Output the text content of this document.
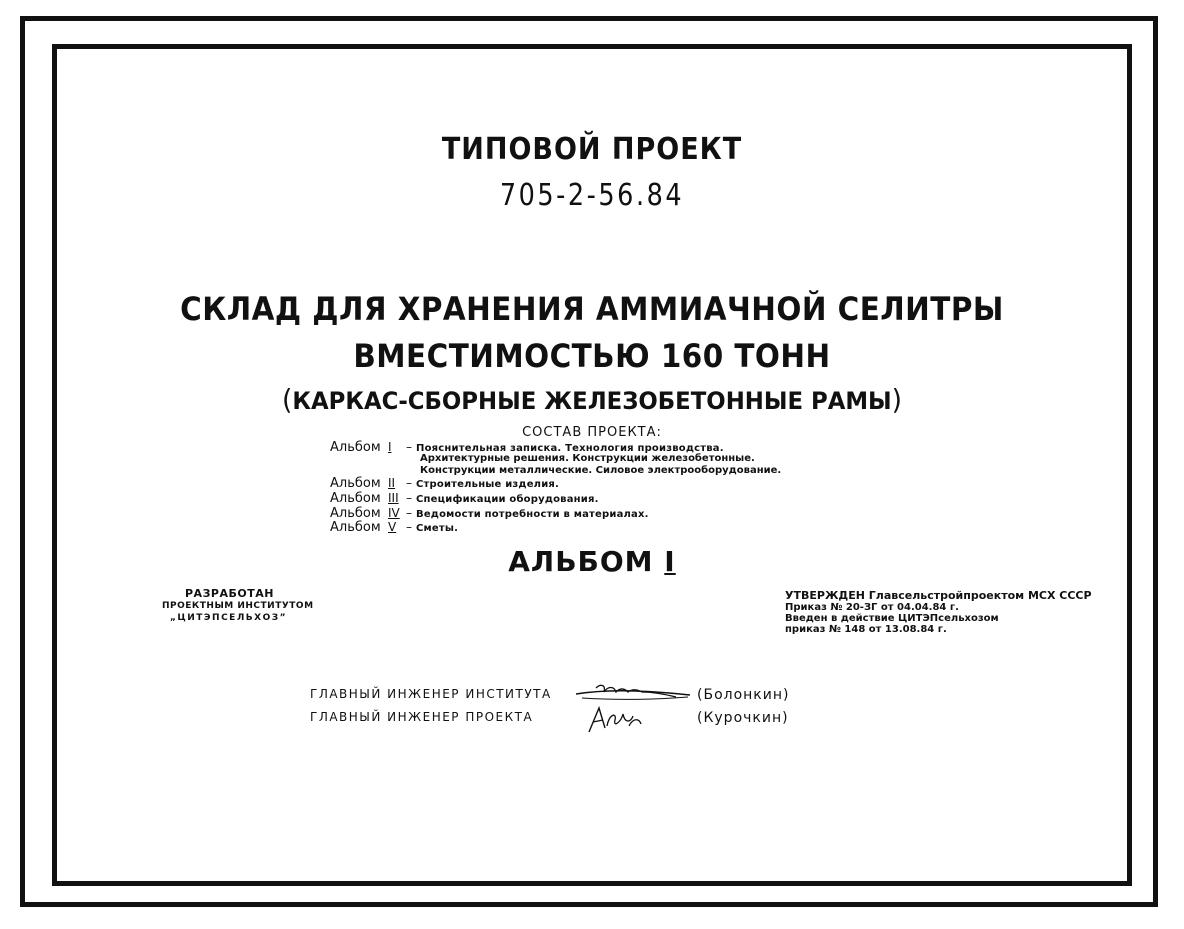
ТИПОВОЙ ПРОЕКТ
705-2-56.84
СКЛАД ДЛЯ ХРАНЕНИЯ АММИАЧНОЙ СЕЛИТРЫ
ВМЕСТИМОСТЬЮ 160 ТОНН
(КАРКАС-СБОРНЫЕ ЖЕЛЕЗОБЕТОННЫЕ РАМЫ)
СОСТАВ ПРОЕКТА:
Альбом I – Пояснительная записка. Технология производства.
Архитектурные решения. Конструкции железобетонные.
Конструкции металлические. Силовое электрооборудование.
Альбом II – Строительные изделия.
Альбом III – Спецификации оборудования.
Альбом IV – Ведомости потребности в материалах.
Альбом V – Сметы.
АЛЬБОМ I
РАЗРАБОТАН
ПРОЕКТНЫМ ИНСТИТУТОМ
„ЦИТЭПСЕЛЬХОЗ”
УТВЕРЖДЕН Главсельстройпроектом МСХ СССР
Приказ № 20-ЗГ от 04.04.84 г.
Введен в действие ЦИТЭПсельхозом
приказ № 148 от 13.08.84 г.
ГЛАВНЫЙ ИНЖЕНЕР ИНСТИТУТА	(Болонкин)
ГЛАВНЫЙ ИНЖЕНЕР ПРОЕКТА	(Курочкин)
